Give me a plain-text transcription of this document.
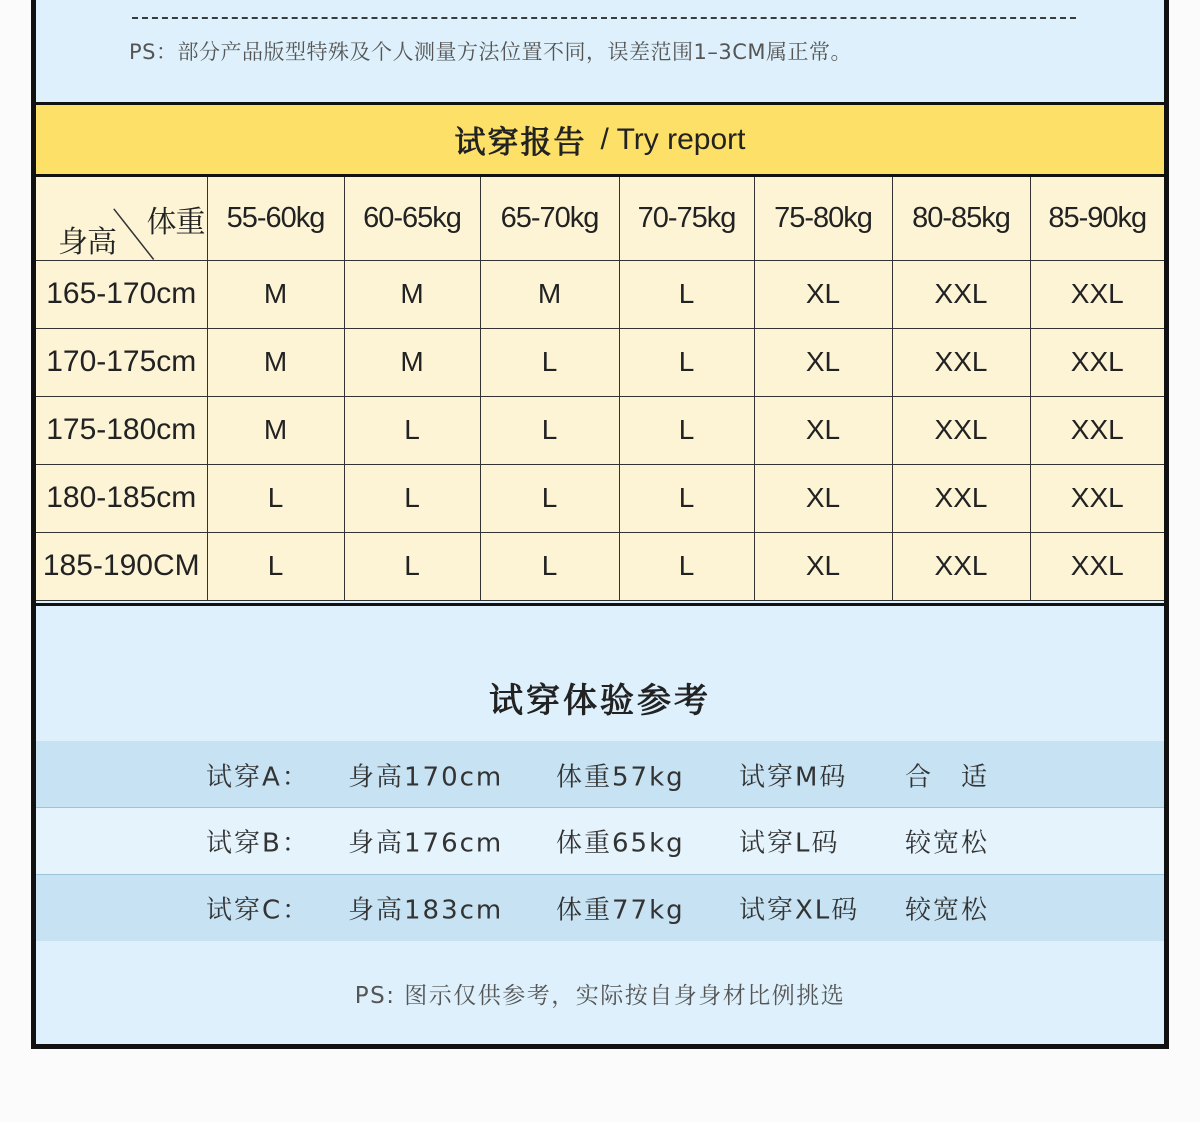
PS：部分产品版型特殊及个人测量方法位置不同，误差范围1–3CM属正常。
试穿报告 / Try report
体重
身高	55-60kg	60-65kg	65-70kg	70-75kg	75-80kg	80-85kg	85-90kg
165-170cm	M	M	M	L	XL	XXL	XXL
170-175cm	M	M	L	L	XL	XXL	XXL
175-180cm	M	L	L	L	XL	XXL	XXL
180-185cm	L	L	L	L	XL	XXL	XXL
185-190CM	L	L	L	L	XL	XXL	XXL
试穿体验参考
试穿A： 身高170cm 体重57kg 试穿M码 合　适
试穿B： 身高176cm 体重65kg 试穿L码	较宽松
试穿C： 身高183cm 体重77kg 试穿XL码 较宽松
PS: 图示仅供参考，实际按自身身材比例挑选
